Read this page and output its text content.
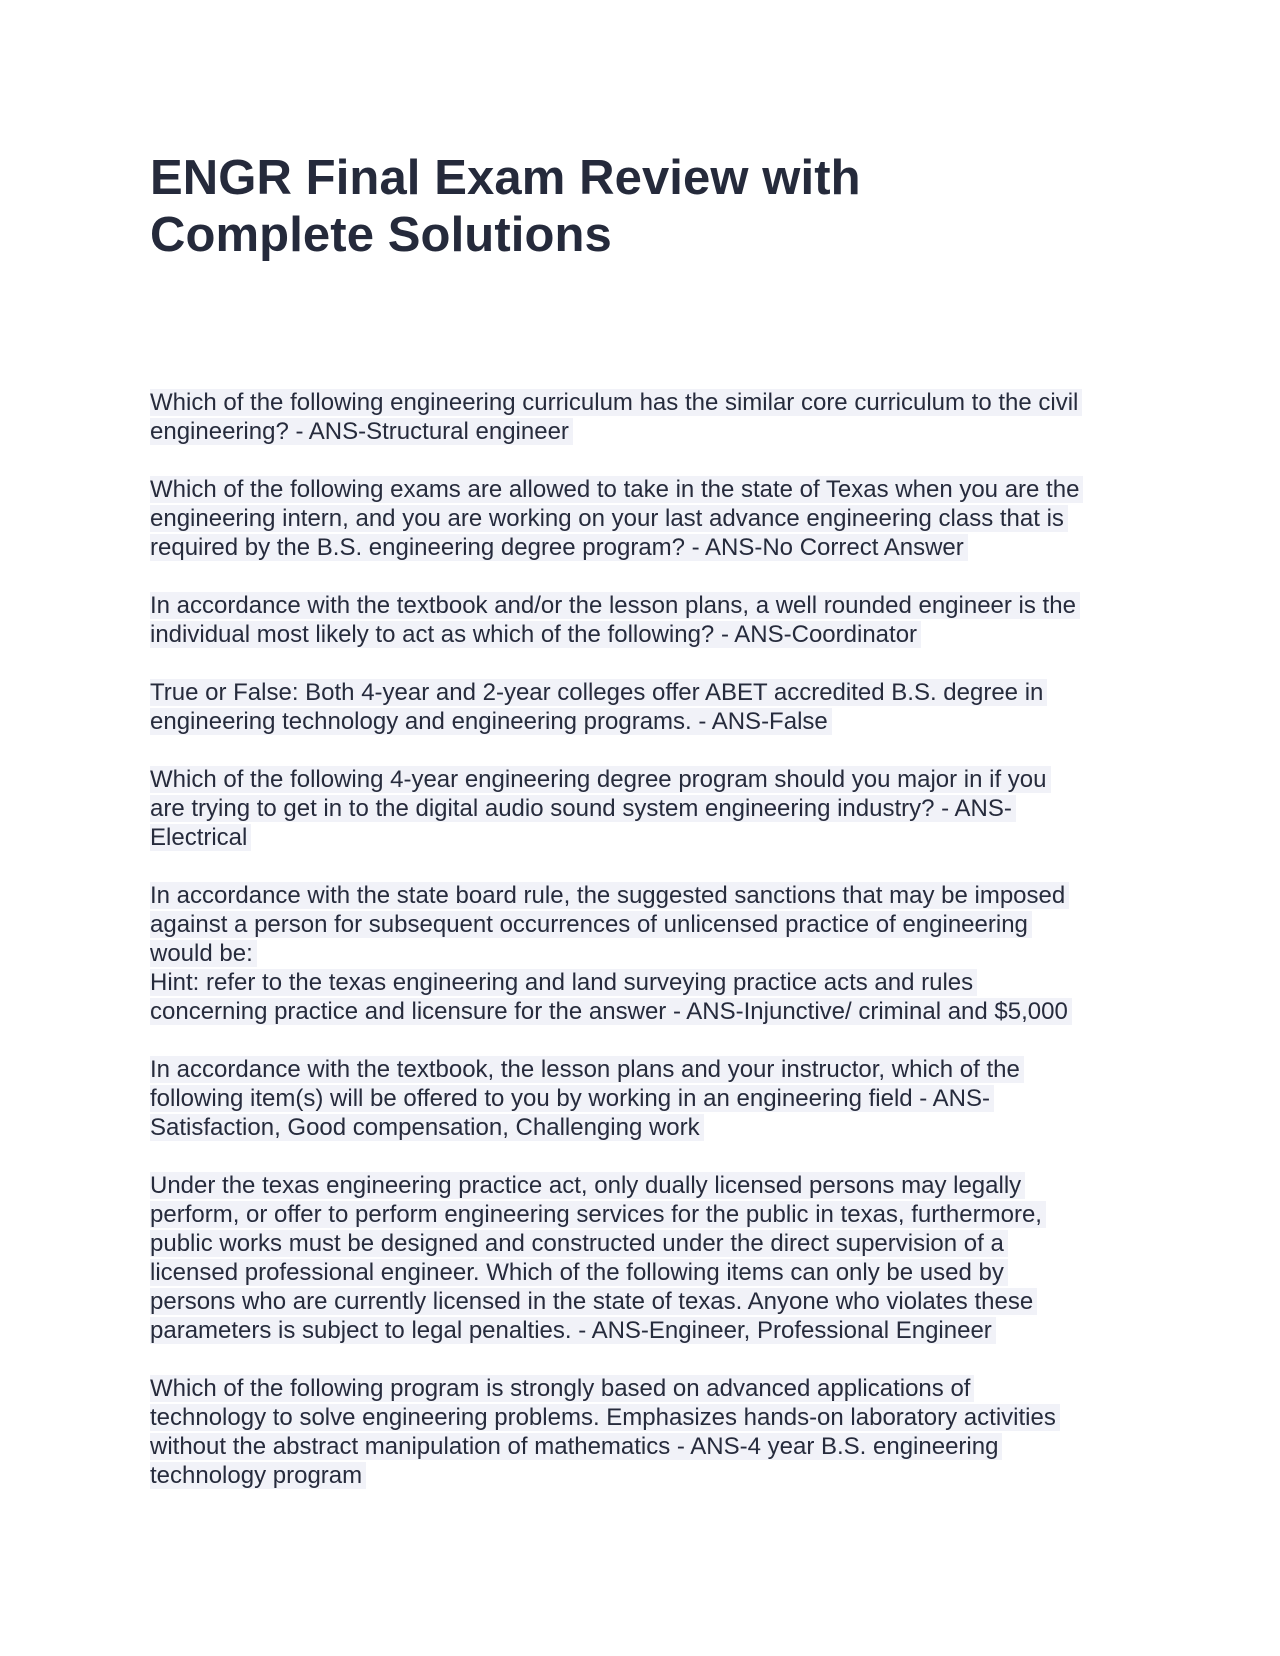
ENGR Final Exam Review with
Complete Solutions

Which of the following engineering curriculum has the similar core curriculum to the civil
engineering? - ANS-Structural engineer

Which of the following exams are allowed to take in the state of Texas when you are the
engineering intern, and you are working on your last advance engineering class that is
required by the B.S. engineering degree program? - ANS-No Correct Answer

In accordance with the textbook and/or the lesson plans, a well rounded engineer is the
individual most likely to act as which of the following? - ANS-Coordinator

True or False: Both 4-year and 2-year colleges offer ABET accredited B.S. degree in
engineering technology and engineering programs. - ANS-False

Which of the following 4-year engineering degree program should you major in if you
are trying to get in to the digital audio sound system engineering industry? - ANS-
Electrical

In accordance with the state board rule, the suggested sanctions that may be imposed
against a person for subsequent occurrences of unlicensed practice of engineering
would be:
Hint: refer to the texas engineering and land surveying practice acts and rules
concerning practice and licensure for the answer - ANS-Injunctive/ criminal and $5,000

In accordance with the textbook, the lesson plans and your instructor, which of the
following item(s) will be offered to you by working in an engineering field - ANS-
Satisfaction, Good compensation, Challenging work

Under the texas engineering practice act, only dually licensed persons may legally
perform, or offer to perform engineering services for the public in texas, furthermore,
public works must be designed and constructed under the direct supervision of a
licensed professional engineer. Which of the following items can only be used by
persons who are currently licensed in the state of texas. Anyone who violates these
parameters is subject to legal penalties. - ANS-Engineer, Professional Engineer

Which of the following program is strongly based on advanced applications of
technology to solve engineering problems. Emphasizes hands-on laboratory activities
without the abstract manipulation of mathematics - ANS-4 year B.S. engineering
technology program
